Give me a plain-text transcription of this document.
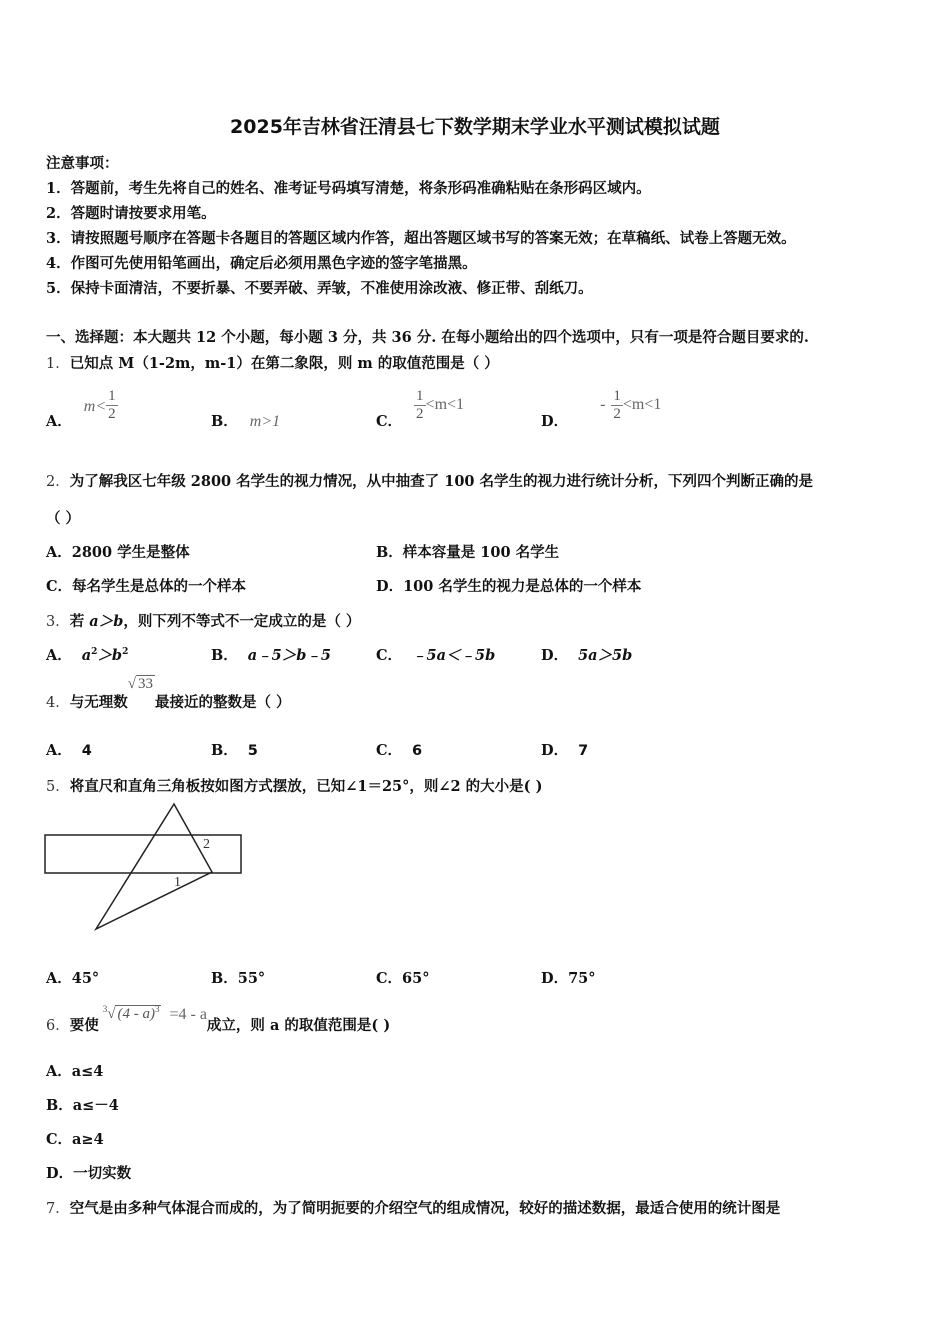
2025年吉林省汪清县七下数学期末学业水平测试模拟试题
注意事项：
1．答题前，考生先将自己的姓名、准考证号码填写清楚，将条形码准确粘贴在条形码区域内。
2．答题时请按要求用笔。
3．请按照题号顺序在答题卡各题目的答题区域内作答，超出答题区域书写的答案无效；在草稿纸、试卷上答题无效。
4．作图可先使用铅笔画出，确定后必须用黑色字迹的签字笔描黑。
5．保持卡面清洁，不要折暴、不要弄破、弄皱，不准使用涂改液、修正带、刮纸刀。
一、选择题：本大题共 12 个小题，每小题 3 分，共 36 分. 在每小题给出的四个选项中，只有一项是符合题目要求的.
1．已知点 M（1-2m，m-1）在第二象限，则 m 的取值范围是（ ）
A．$m< \frac{1}{2}$	B． m>1	C． $\frac{1}{2} <m<1$
D．- $\frac{1}{2} <m<1$
2．为了解我区七年级 2800 名学生的视力情况，从中抽查了 100 名学生的视力进行统计分析，下列四个判断正确的是
（ ）
A．2800 学生是整体	B．样本容量是 100 名学生
C．每名学生是总体的一个样本	D．100 名学生的视力是总体的一个样本
3．若 a＞b，则下列不等式不一定成立的是（ ）
A． $a^2>b^2$	B． a﹣5＞b﹣5	C． ﹣5a＜﹣5b	D． 5a＞5b
4．与无理数√ 33最接近的整数是（ ）
A． 4	B． 5	C． 6	D． 7
5．将直尺和直角三角板按如图方式摆放，已知∠1＝25°，则∠2 的大小是( )
2
1
A．45°	B．55°	C．65°	D．75°
6．要使$^3$√ (4 - a)$^3$ =4 - a成立，则 a 的取值范围是( )
A．a≤4
B．a≤－4
C．a≥4
D．一切实数
7．空气是由多种气体混合而成的，为了简明扼要的介绍空气的组成情况，较好的描述数据，最适合使用的统计图是
